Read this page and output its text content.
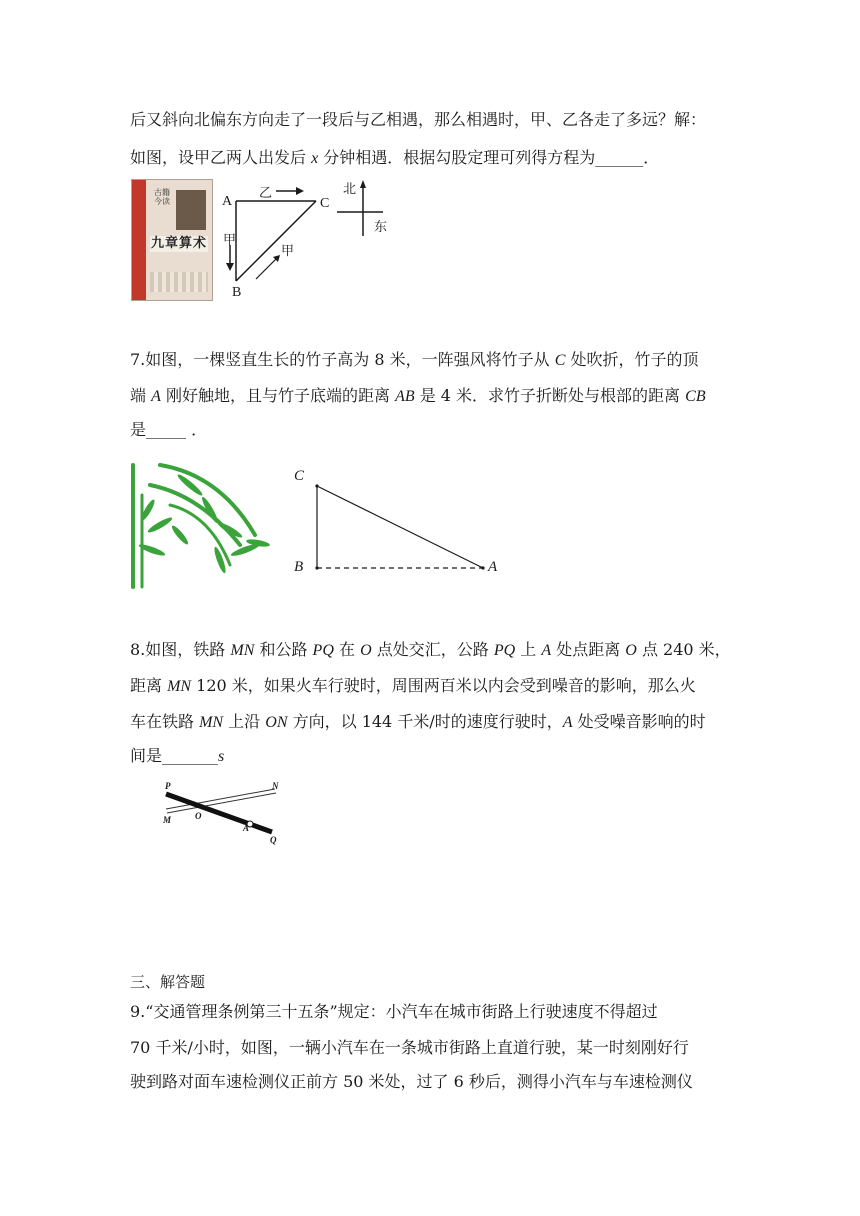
后又斜向北偏东方向走了一段后与乙相遇，那么相遇时，甲、乙各走了多远？解：
如图，设甲乙两人出发后 x 分钟相遇．根据勾股定理可列得方程为______．
古籍今读
九章算术
A
B
C
乙
甲
甲
北
东
7.如图，一棵竖直生长的竹子高为 8 米，一阵强风将竹子从 C 处吹折，竹子的顶
端 A 刚好触地，且与竹子底端的距离 AB 是 4 米．求竹子折断处与根部的距离 CB
是_____ ．
C
B	A
8.如图，铁路 MN 和公路 PQ 在 O 点处交汇，公路 PQ 上 A 处点距离 O 点 240 米，
距离 MN 120 米，如果火车行驶时，周围两百米以内会受到噪音的影响，那么火
车在铁路 MN 上沿 ON 方向，以 144 千米/时的速度行驶时，A 处受噪音影响的时
间是_______s
P	N
M	O
A
Q
三、解答题
9.“交通管理条例第三十五条”规定：小汽车在城市街路上行驶速度不得超过
70 千米/小时，如图，一辆小汽车在一条城市街路上直道行驶，某一时刻刚好行
驶到路对面车速检测仪正前方 50 米处，过了 6 秒后，测得小汽车与车速检测仪
